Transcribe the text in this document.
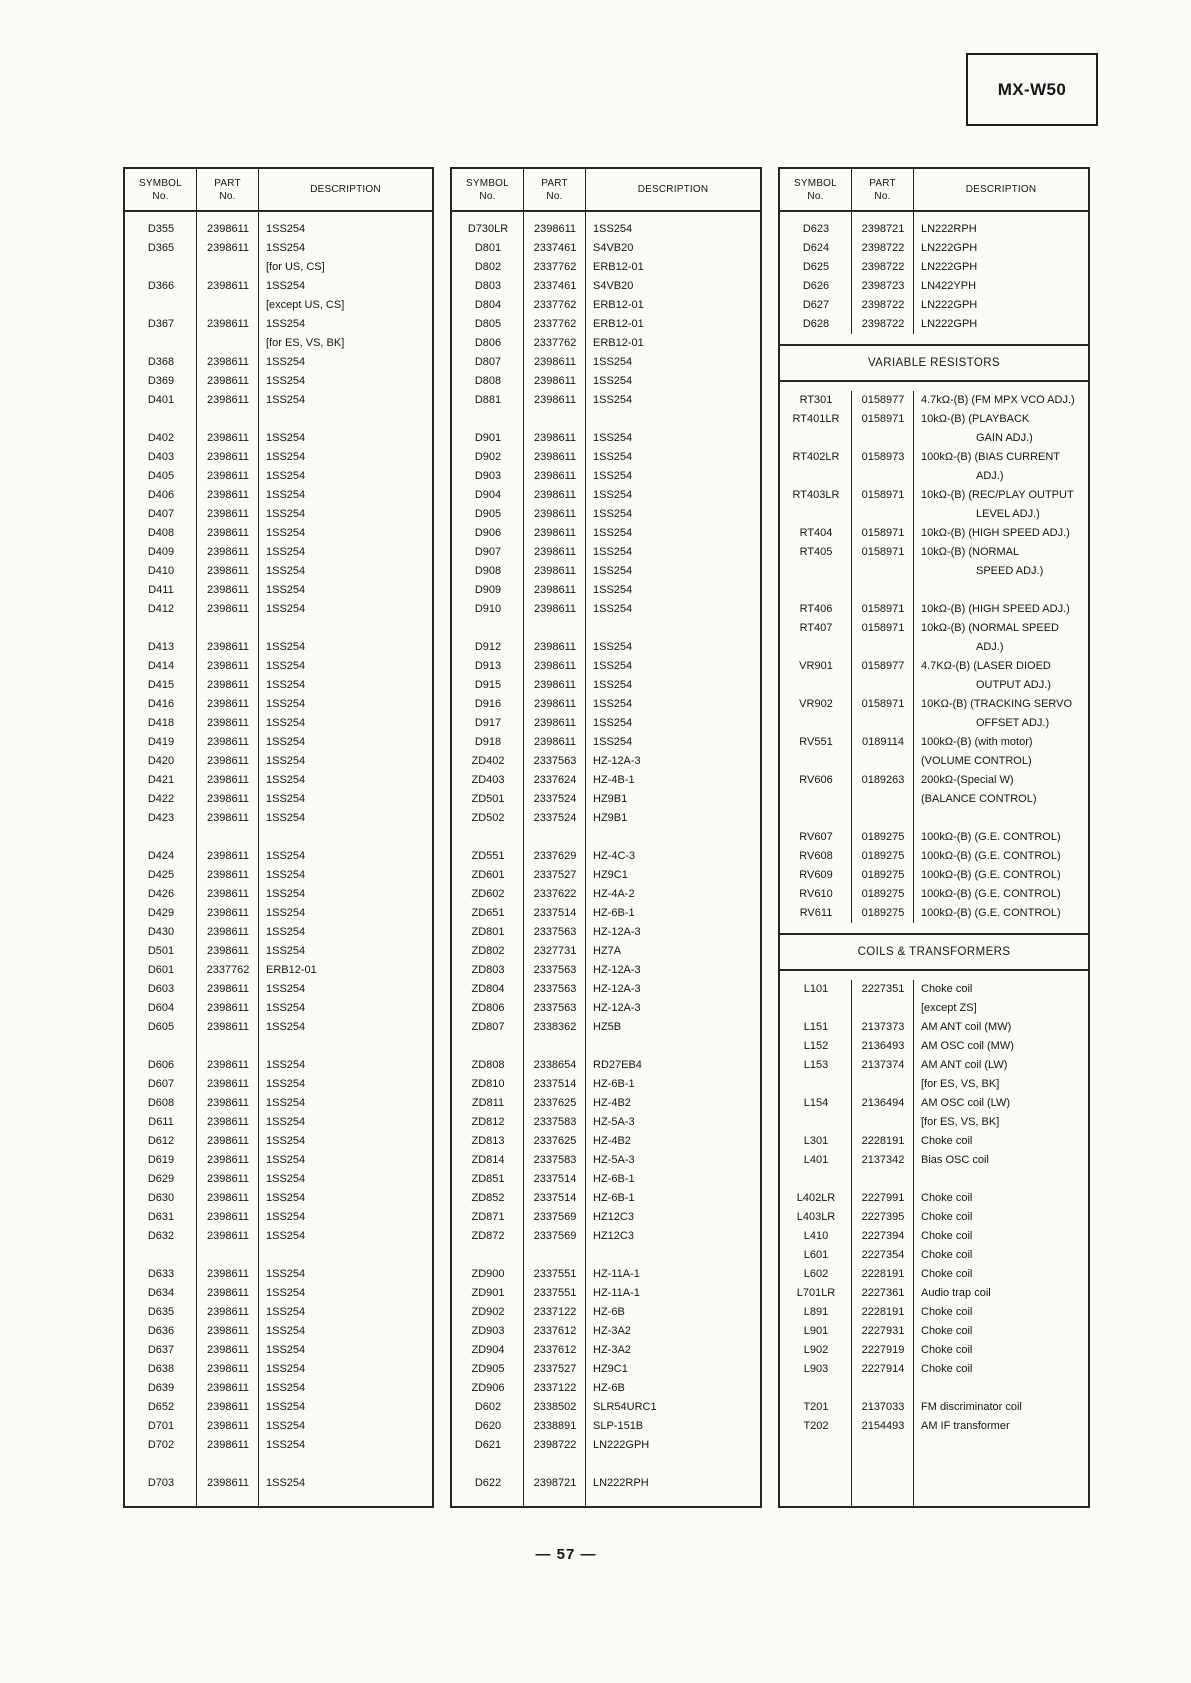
MX-W50
SYMBOL
No.
PART
No.
DESCRIPTION
D355	2398611	1SS254
D365	2398611	1SS254
[for US, CS]
D366	2398611	1SS254
[except US, CS]
D367	2398611	1SS254
[for ES, VS, BK]
D368	2398611	1SS254
D369	2398611	1SS254
D401	2398611	1SS254
D402	2398611	1SS254
D403	2398611	1SS254
D405	2398611	1SS254
D406	2398611	1SS254
D407	2398611	1SS254
D408	2398611	1SS254
D409	2398611	1SS254
D410	2398611	1SS254
D411	2398611	1SS254
D412	2398611	1SS254
D413	2398611	1SS254
D414	2398611	1SS254
D415	2398611	1SS254
D416	2398611	1SS254
D418	2398611	1SS254
D419	2398611	1SS254
D420	2398611	1SS254
D421	2398611	1SS254
D422	2398611	1SS254
D423	2398611	1SS254
D424	2398611	1SS254
D425	2398611	1SS254
D426	2398611	1SS254
D429	2398611	1SS254
D430	2398611	1SS254
D501	2398611	1SS254
D601	2337762	ERB12-01
D603	2398611	1SS254
D604	2398611	1SS254
D605	2398611	1SS254
D606	2398611	1SS254
D607	2398611	1SS254
D608	2398611	1SS254
D611	2398611	1SS254
D612	2398611	1SS254
D619	2398611	1SS254
D629	2398611	1SS254
D630	2398611	1SS254
D631	2398611	1SS254
D632	2398611	1SS254
D633	2398611	1SS254
D634	2398611	1SS254
D635	2398611	1SS254
D636	2398611	1SS254
D637	2398611	1SS254
D638	2398611	1SS254
D639	2398611	1SS254
D652	2398611	1SS254
D701	2398611	1SS254
D702	2398611	1SS254
D703	2398611	1SS254
SYMBOL
No.
PART
No.
DESCRIPTION
D730LR	2398611	1SS254
D801	2337461	S4VB20
D802	2337762	ERB12-01
D803	2337461	S4VB20
D804	2337762	ERB12-01
D805	2337762	ERB12-01
D806	2337762	ERB12-01
D807	2398611	1SS254
D808	2398611	1SS254
D881	2398611	1SS254
D901	2398611	1SS254
D902	2398611	1SS254
D903	2398611	1SS254
D904	2398611	1SS254
D905	2398611	1SS254
D906	2398611	1SS254
D907	2398611	1SS254
D908	2398611	1SS254
D909	2398611	1SS254
D910	2398611	1SS254
D912	2398611	1SS254
D913	2398611	1SS254
D915	2398611	1SS254
D916	2398611	1SS254
D917	2398611	1SS254
D918	2398611	1SS254
ZD402	2337563	HZ-12A-3
ZD403	2337624	HZ-4B-1
ZD501	2337524	HZ9B1
ZD502	2337524	HZ9B1
ZD551	2337629	HZ-4C-3
ZD601	2337527	HZ9C1
ZD602	2337622	HZ-4A-2
ZD651	2337514	HZ-6B-1
ZD801	2337563	HZ-12A-3
ZD802	2327731	HZ7A
ZD803	2337563	HZ-12A-3
ZD804	2337563	HZ-12A-3
ZD806	2337563	HZ-12A-3
ZD807	2338362	HZ5B
ZD808	2338654	RD27EB4
ZD810	2337514	HZ-6B-1
ZD811	2337625	HZ-4B2
ZD812	2337583	HZ-5A-3
ZD813	2337625	HZ-4B2
ZD814	2337583	HZ-5A-3
ZD851	2337514	HZ-6B-1
ZD852	2337514	HZ-6B-1
ZD871	2337569	HZ12C3
ZD872	2337569	HZ12C3
ZD900	2337551	HZ-11A-1
ZD901	2337551	HZ-11A-1
ZD902	2337122	HZ-6B
ZD903	2337612	HZ-3A2
ZD904	2337612	HZ-3A2
ZD905	2337527	HZ9C1
ZD906	2337122	HZ-6B
D602	2338502	SLR54URC1
D620	2338891	SLP-151B
D621	2398722	LN222GPH
D622	2398721	LN222RPH
SYMBOL
No.
PART
No.
DESCRIPTION
D623	2398721	LN222RPH
D624	2398722	LN222GPH
D625	2398722	LN222GPH
D626	2398723	LN422YPH
D627	2398722	LN222GPH
D628	2398722	LN222GPH
VARIABLE RESISTORS
RT301	0158977	4.7kΩ-(B) (FM MPX VCO ADJ.)
RT401LR	0158971	10kΩ-(B) (PLAYBACK
GAIN ADJ.)
RT402LR	0158973	100kΩ-(B) (BIAS CURRENT
ADJ.)
RT403LR	0158971	10kΩ-(B) (REC/PLAY OUTPUT
LEVEL ADJ.)
RT404	0158971	10kΩ-(B) (HIGH SPEED ADJ.)
RT405	0158971	10kΩ-(B) (NORMAL
SPEED ADJ.)
RT406	0158971	10kΩ-(B) (HIGH SPEED ADJ.)
RT407	0158971	10kΩ-(B) (NORMAL SPEED
ADJ.)
VR901	0158977	4.7KΩ-(B) (LASER DIOED
OUTPUT ADJ.)
VR902	0158971	10KΩ-(B) (TRACKING SERVO
OFFSET ADJ.)
RV551	0189114	100kΩ-(B) (with motor)
(VOLUME CONTROL)
RV606	0189263	200kΩ-(Special W)
(BALANCE CONTROL)
RV607	0189275	100kΩ-(B) (G.E. CONTROL)
RV608	0189275	100kΩ-(B) (G.E. CONTROL)
RV609	0189275	100kΩ-(B) (G.E. CONTROL)
RV610	0189275	100kΩ-(B) (G.E. CONTROL)
RV611	0189275	100kΩ-(B) (G.E. CONTROL)
COILS & TRANSFORMERS
L101	2227351	Choke coil
[except ZS]
L151	2137373	AM ANT coil (MW)
L152	2136493	AM OSC coil (MW)
L153	2137374	AM ANT coil (LW)
[for ES, VS, BK]
L154	2136494	AM OSC coil (LW)
[for ES, VS, BK]
L301	2228191	Choke coil
L401	2137342	Bias OSC coil
L402LR	2227991	Choke coil
L403LR	2227395	Choke coil
L410	2227394	Choke coil
L601	2227354	Choke coil
L602	2228191	Choke coil
L701LR	2227361	Audio trap coil
L891	2228191	Choke coil
L901	2227931	Choke coil
L902	2227919	Choke coil
L903	2227914	Choke coil
T201	2137033	FM discriminator coil
T202	2154493	AM IF transformer
— 57 —
